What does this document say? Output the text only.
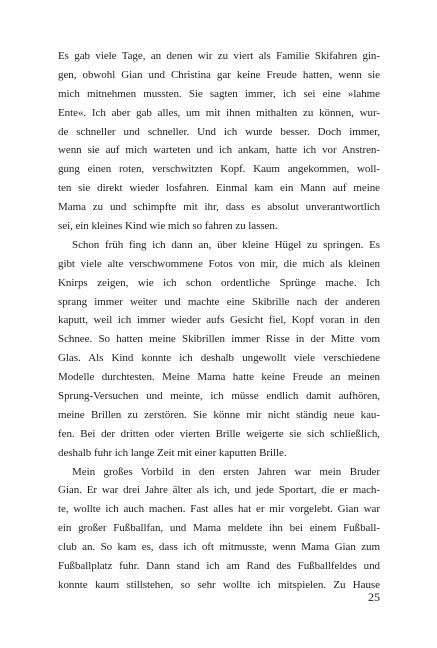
Es gab viele Tage, an denen wir zu viert als Familie Skifahren gin-
gen, obwohl Gian und Christina gar keine Freude hatten, wenn sie
mich mitnehmen mussten. Sie sagten immer, ich sei eine »lahme
Ente«. Ich aber gab alles, um mit ihnen mithalten zu können, wur-
de schneller und schneller. Und ich wurde besser. Doch immer,
wenn sie auf mich warteten und ich ankam, hatte ich vor Anstren-
gung einen roten, verschwitzten Kopf. Kaum angekommen, woll-
ten sie direkt wieder losfahren. Einmal kam ein Mann auf meine
Mama zu und schimpfte mit ihr, dass es absolut unverantwortlich
sei, ein kleines Kind wie mich so fahren zu lassen.
Schon früh fing ich dann an, über kleine Hügel zu springen. Es
gibt viele alte verschwommene Fotos von mir, die mich als kleinen
Knirps zeigen, wie ich schon ordentliche Sprünge mache. Ich
sprang immer weiter und machte eine Skibrille nach der anderen
kaputt, weil ich immer wieder aufs Gesicht fiel, Kopf voran in den
Schnee. So hatten meine Skibrillen immer Risse in der Mitte vom
Glas. Als Kind konnte ich deshalb ungewollt viele verschiedene
Modelle durchtesten. Meine Mama hatte keine Freude an meinen
Sprung-Versuchen und meinte, ich müsse endlich damit aufhören,
meine Brillen zu zerstören. Sie könne mir nicht ständig neue kau-
fen. Bei der dritten oder vierten Brille weigerte sie sich schließlich,
deshalb fuhr ich lange Zeit mit einer kaputten Brille.
Mein großes Vorbild in den ersten Jahren war mein Bruder
Gian. Er war drei Jahre älter als ich, und jede Sportart, die er mach-
te, wollte ich auch machen. Fast alles hat er mir vorgelebt. Gian war
ein großer Fußballfan, und Mama meldete ihn bei einem Fußball-
club an. So kam es, dass ich oft mitmusste, wenn Mama Gian zum
Fußballplatz fuhr. Dann stand ich am Rand des Fußballfeldes und
konnte kaum stillstehen, so sehr wollte ich mitspielen. Zu Hause
25
